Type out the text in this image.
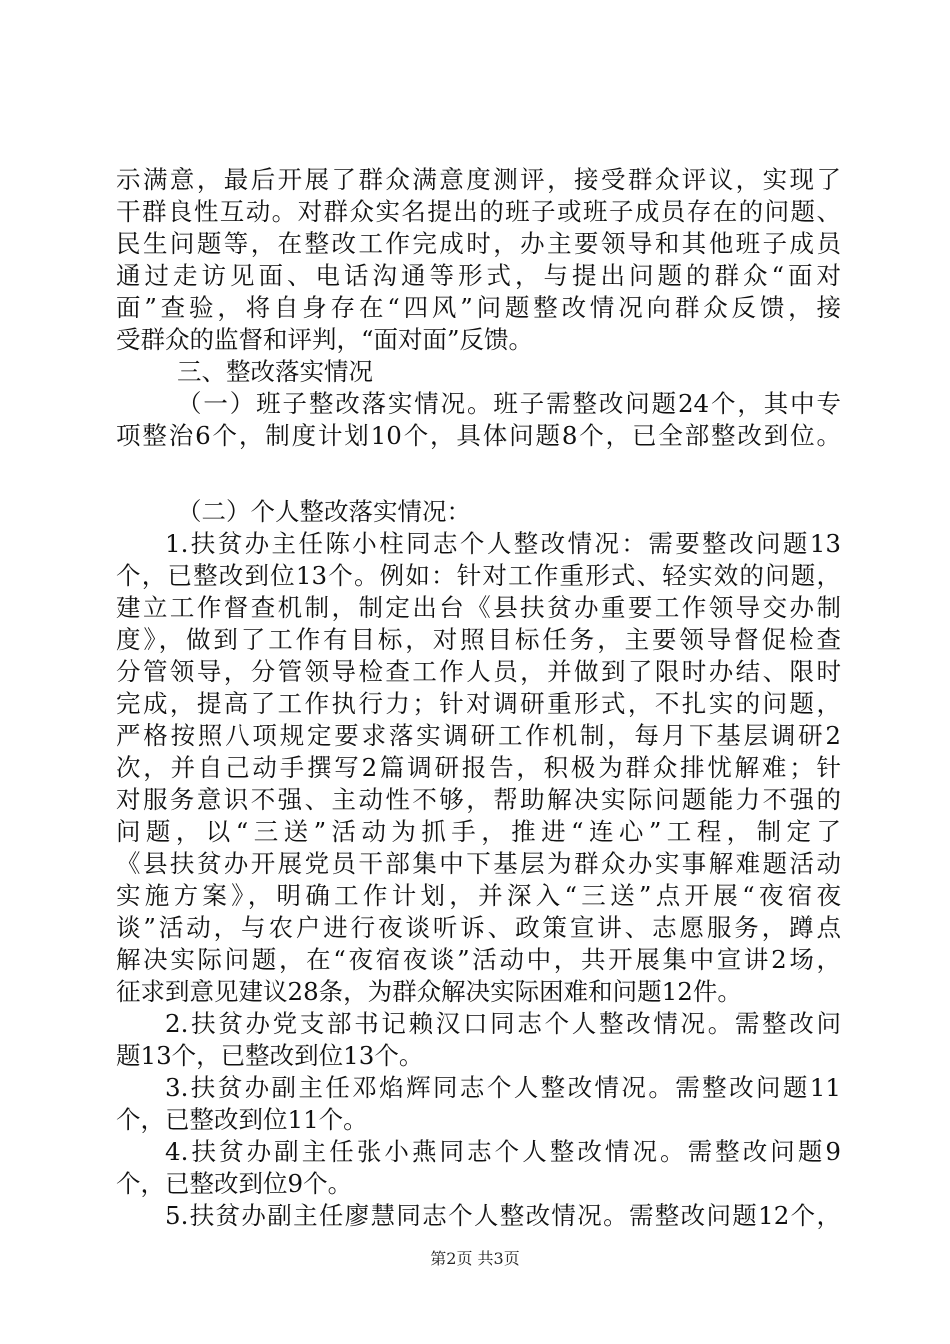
示满意，最后开展了群众满意度测评，接受群众评议，实现了
干群良性互动。对群众实名提出的班子或班子成员存在的问题、
民生问题等，在整改工作完成时，办主要领导和其他班子成员
通过走访见面、电话沟通等形式，与提出问题的群众“面对
面”查验，将自身存在“四风”问题整改情况向群众反馈，接
受群众的监督和评判，“面对面”反馈。
三、整改落实情况
（一）班子整改落实情况。班子需整改问题24个，其中专
项整治6个，制度计划10个，具体问题8个，已全部整改到位。
（二）个人整改落实情况：
1.扶贫办主任陈小柱同志个人整改情况：需要整改问题13
个，已整改到位13个。例如：针对工作重形式、轻实效的问题，
建立工作督查机制，制定出台《县扶贫办重要工作领导交办制
度》，做到了工作有目标，对照目标任务，主要领导督促检查
分管领导，分管领导检查工作人员，并做到了限时办结、限时
完成，提高了工作执行力；针对调研重形式，不扎实的问题，
严格按照八项规定要求落实调研工作机制，每月下基层调研2
次，并自己动手撰写2篇调研报告，积极为群众排忧解难；针
对服务意识不强、主动性不够，帮助解决实际问题能力不强的
问题，以“三送”活动为抓手，推进“连心”工程，制定了
《县扶贫办开展党员干部集中下基层为群众办实事解难题活动
实施方案》，明确工作计划，并深入“三送”点开展“夜宿夜
谈”活动，与农户进行夜谈听诉、政策宣讲、志愿服务，蹲点
解决实际问题，在“夜宿夜谈”活动中，共开展集中宣讲2场，
征求到意见建议28条，为群众解决实际困难和问题12件。
2.扶贫办党支部书记赖汉口同志个人整改情况。需整改问
题13个，已整改到位13个。
3.扶贫办副主任邓焰辉同志个人整改情况。需整改问题11
个，已整改到位11个。
4.扶贫办副主任张小燕同志个人整改情况。需整改问题9
个，已整改到位9个。
5.扶贫办副主任廖慧同志个人整改情况。需整改问题12个，
第2页 共3页
